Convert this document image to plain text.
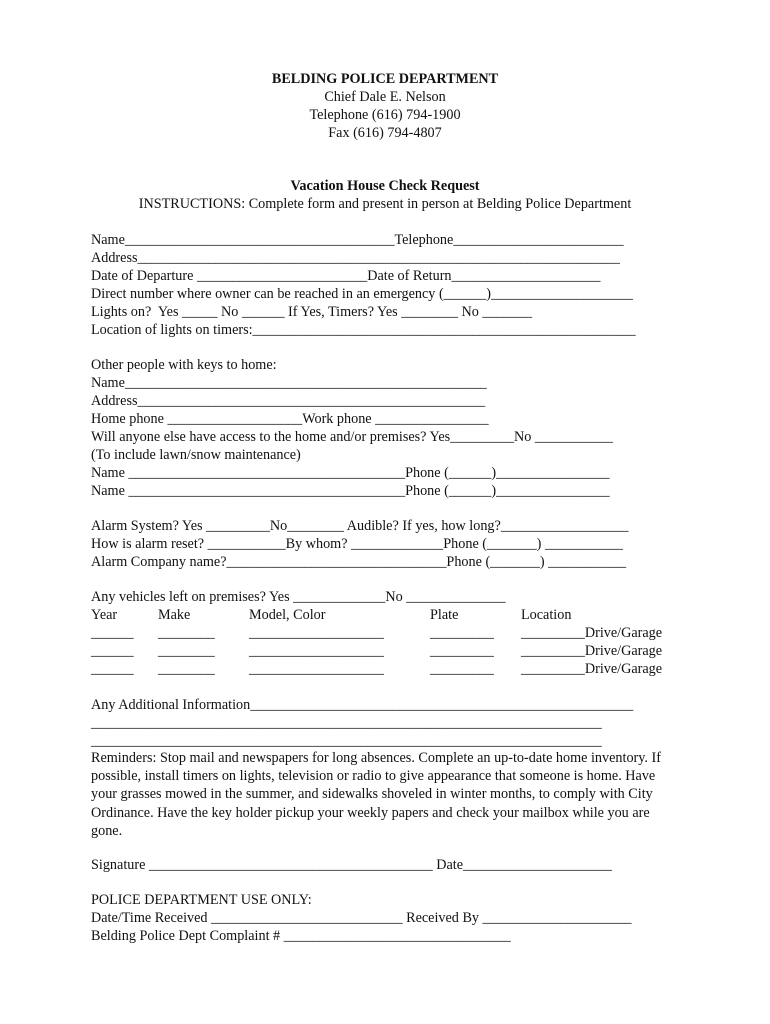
BELDING POLICE DEPARTMENT
Chief Dale E. Nelson
Telephone (616) 794-1900
Fax (616) 794-4807
Vacation House Check Request
INSTRUCTIONS: Complete form and present in person at Belding Police Department
Name______________________________________Telephone________________________
Address____________________________________________________________________
Date of Departure ________________________Date of Return_____________________
Direct number where owner can be reached in an emergency (______)____________________
Lights on?  Yes _____ No ______ If Yes, Timers? Yes ________ No _______
Location of lights on timers:______________________________________________________
Other people with keys to home:
Name___________________________________________________
Address_________________________________________________
Home phone ___________________Work phone ________________
Will anyone else have access to the home and/or premises? Yes_________No ___________
(To include lawn/snow maintenance)
Name _______________________________________Phone (______)________________
Name _______________________________________Phone (______)________________
Alarm System? Yes _________No________ Audible? If yes, how long?__________________
How is alarm reset? ___________By whom? _____________Phone (_______) ___________
Alarm Company name?_______________________________Phone (_______) ___________
Any vehicles left on premises? Yes _____________No ______________
Year	Make	Model, Color	Plate	Location
______ ________ ___________________	_________ _________Drive/Garage
______ ________ ___________________	_________ _________Drive/Garage
______ ________ ___________________	_________ _________Drive/Garage
Any Additional Information______________________________________________________
________________________________________________________________________
________________________________________________________________________
Reminders: Stop mail and newspapers for long absences. Complete an up-to-date home inventory. If possible, install timers on lights, television or radio to give appearance that someone is home. Have your grasses mowed in the summer, and sidewalks shoveled in winter months, to comply with City Ordinance. Have the key holder pickup your weekly papers and check your mailbox while you are gone.
Signature ________________________________________ Date_____________________
POLICE DEPARTMENT USE ONLY:
Date/Time Received ___________________________ Received By _____________________
Belding Police Dept Complaint # ________________________________
